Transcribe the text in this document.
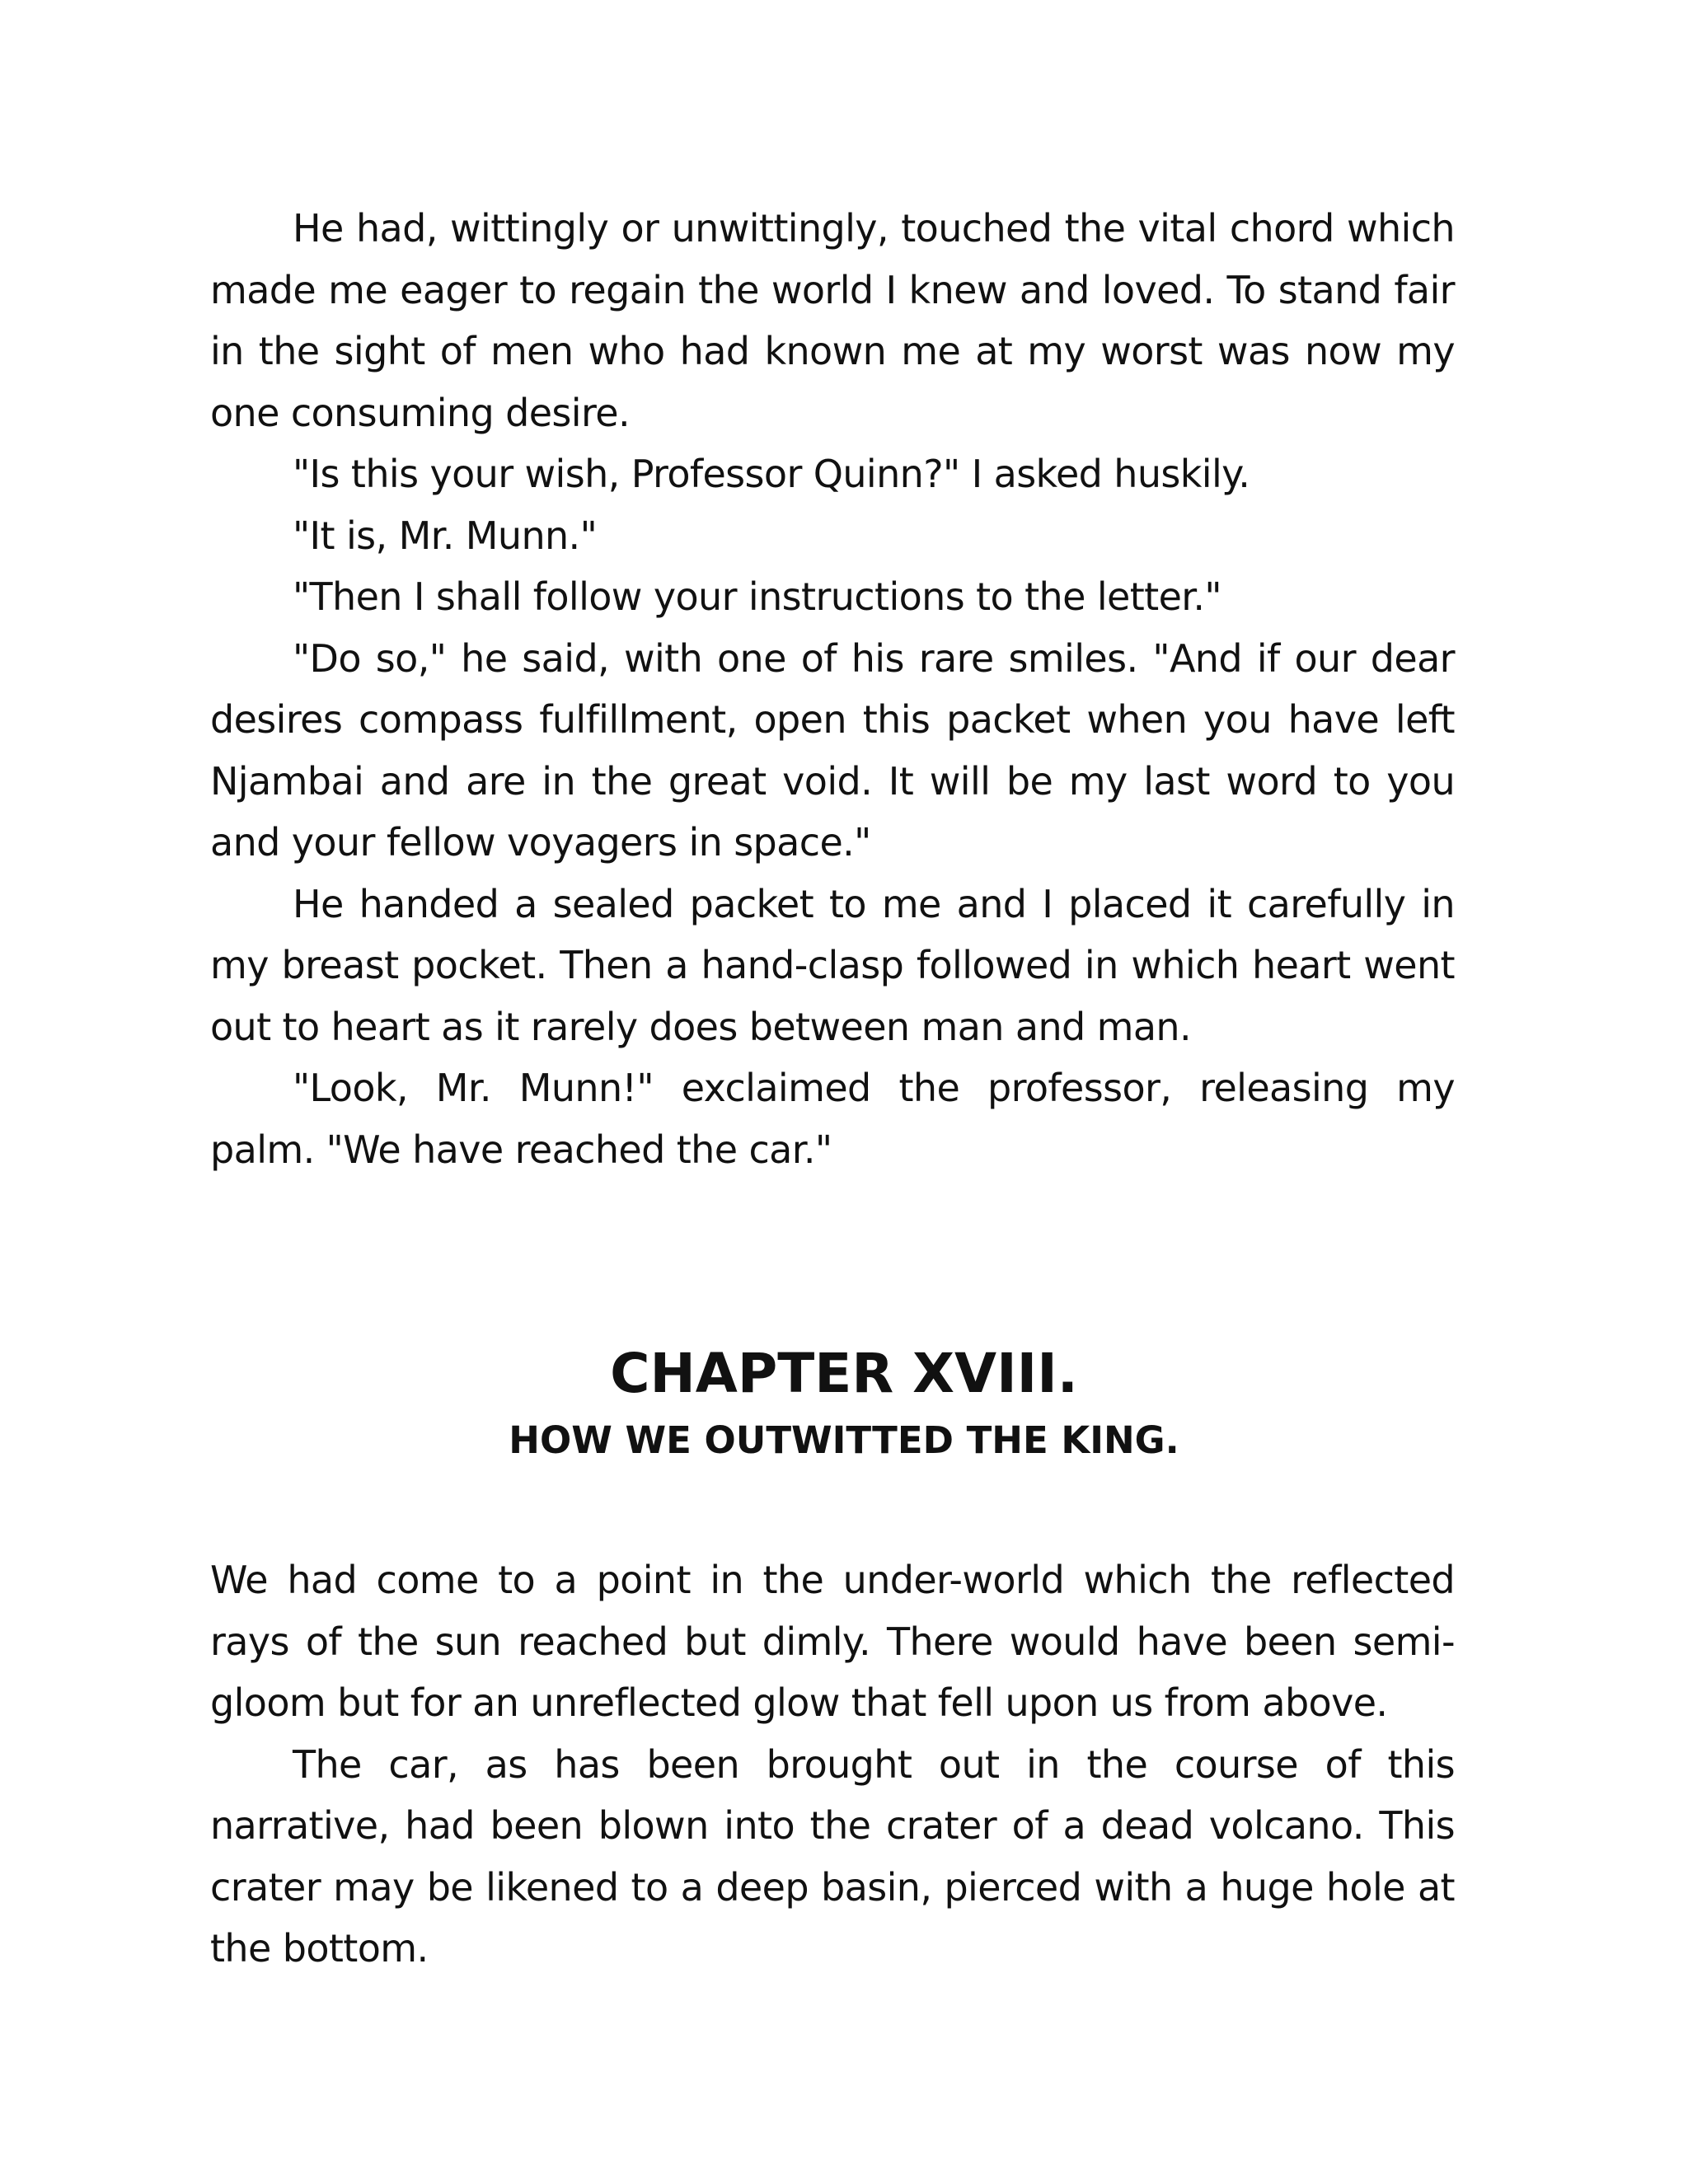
He had, wittingly or unwittingly, touched the vital chord which made me eager to regain the world I knew and loved. To stand fair in the sight of men who had known me at my worst was now my one consuming desire.

"Is this your wish, Professor Quinn?" I asked huskily.

"It is, Mr. Munn."

"Then I shall follow your instructions to the letter."

"Do so," he said, with one of his rare smiles. "And if our dear desires compass fulfillment, open this packet when you have left Njambai and are in the great void. It will be my last word to you and your fellow voyagers in space."

He handed a sealed packet to me and I placed it carefully in my breast pocket. Then a hand-clasp followed in which heart went out to heart as it rarely does between man and man.

"Look, Mr. Munn!" exclaimed the professor, releasing my palm. "We have reached the car."

CHAPTER XVIII.
HOW WE OUTWITTED THE KING.

We had come to a point in the under-world which the reflected rays of the sun reached but dimly. There would have been semi-gloom but for an unreflected glow that fell upon us from above.

The car, as has been brought out in the course of this narrative, had been blown into the crater of a dead volcano. This crater may be likened to a deep basin, pierced with a huge hole at the bottom.
